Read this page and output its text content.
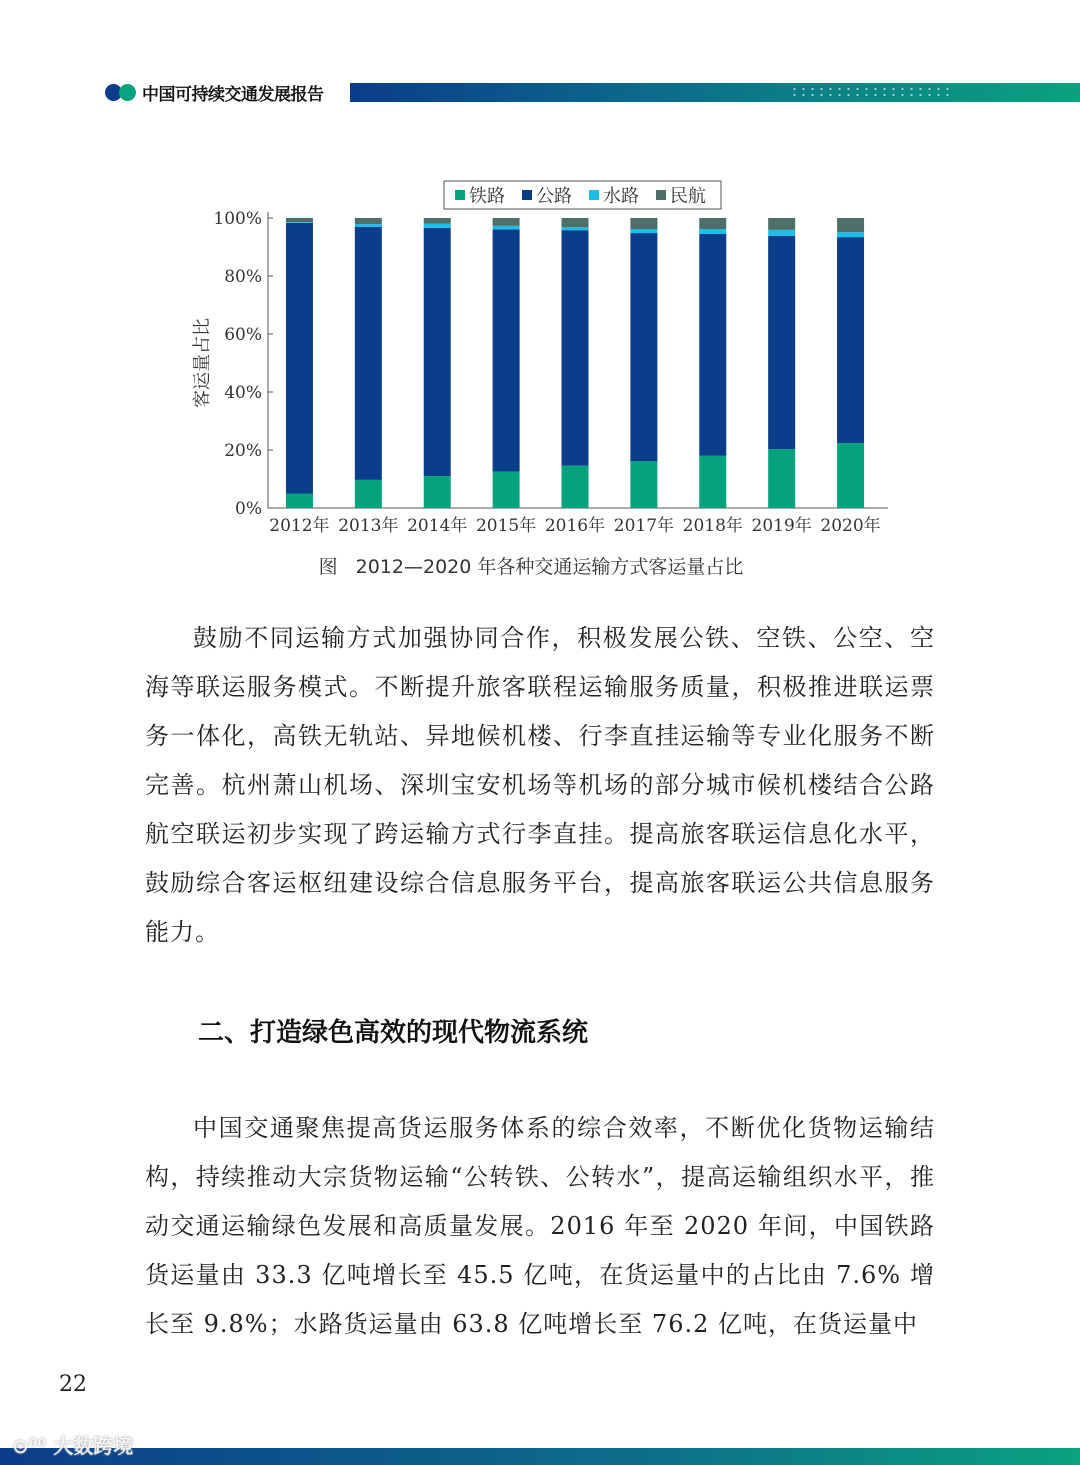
中国可持续交通发展报告
0%
20%
40%
60%
80%
100%
客运量占比
2012年 2013年 2014年 2015年 2016年 2017年 2018年 2019年 2020年
铁路 公路 水路 民航
图 2012—2020 年各种交通运输方式客运量占比

鼓励不同运输方式加强协同合作，积极发展公铁、空铁、公空、空海等联运服务模式。不断提升旅客联程运输服务质量，积极推进联运票务一体化，高铁无轨站、异地候机楼、行李直挂运输等专业化服务不断完善。杭州萧山机场、深圳宝安机场等机场的部分城市候机楼结合公路航空联运初步实现了跨运输方式行李直挂。提高旅客联运信息化水平，鼓励综合客运枢纽建设综合信息服务平台，提高旅客联运公共信息服务能力。

二、打造绿色高效的现代物流系统

中国交通聚焦提高货运服务体系的综合效率，不断优化货物运输结构，持续推动大宗货物运输“公转铁、公转水”，提高运输组织水平，推动交通运输绿色发展和高质量发展。2016 年至 2020 年间，中国铁路货运量由 33.3 亿吨增长至 45.5 亿吨，在货运量中的占比由 7.6% 增长至 9.8%；水路货运量由 63.8 亿吨增长至 76.2 亿吨，在货运量中

22
⊙⁰⁰ 大数跨境
